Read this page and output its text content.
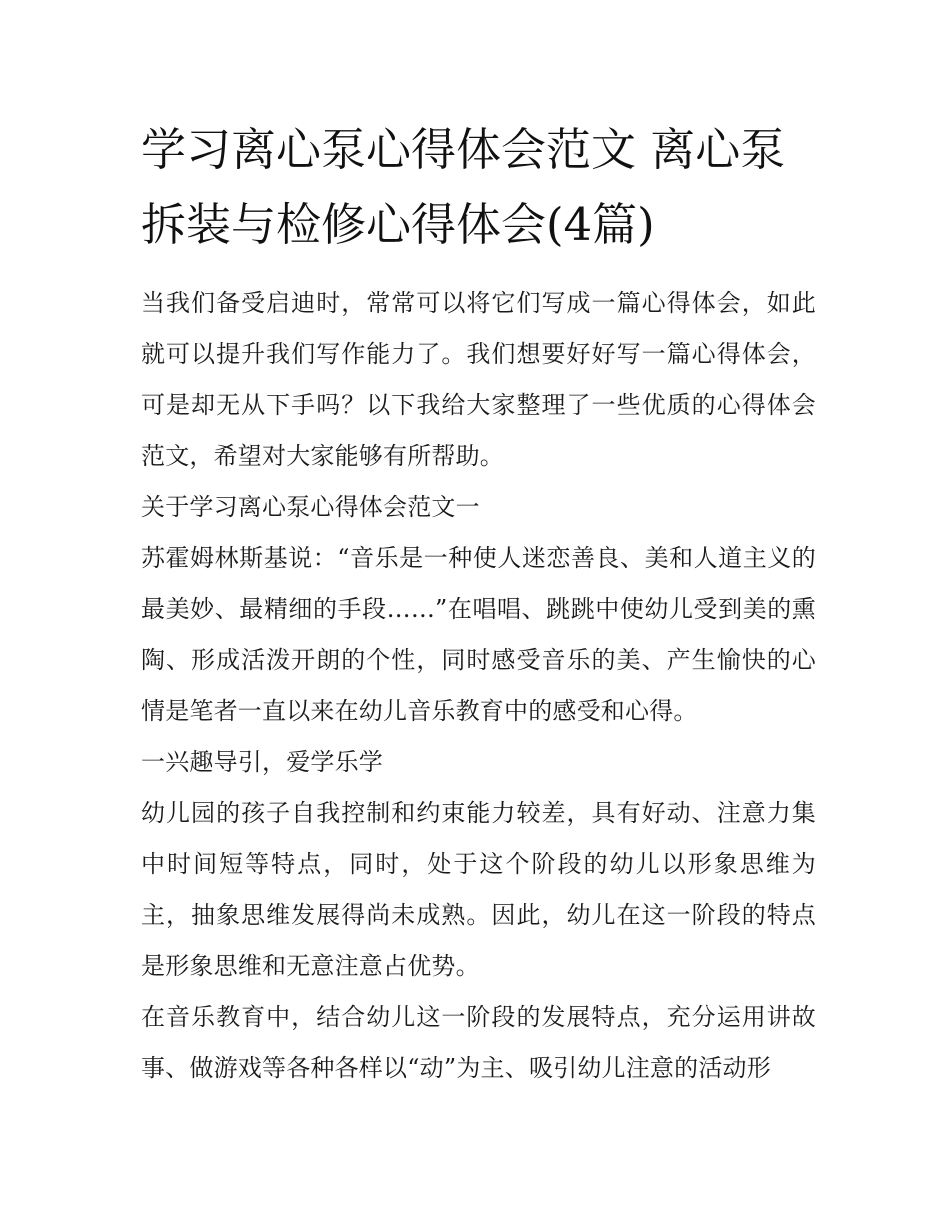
学习离心泵心得体会范文 离心泵拆装与检修心得体会(4篇)

当我们备受启迪时，常常可以将它们写成一篇心得体会，如此就可以提升我们写作能力了。我们想要好好写一篇心得体会，可是却无从下手吗？以下我给大家整理了一些优质的心得体会范文，希望对大家能够有所帮助。

关于学习离心泵心得体会范文一

苏霍姆林斯基说：“音乐是一种使人迷恋善良、美和人道主义的最美妙、最精细的手段……”在唱唱、跳跳中使幼儿受到美的熏陶、形成活泼开朗的个性，同时感受音乐的美、产生愉快的心情是笔者一直以来在幼儿音乐教育中的感受和心得。

一兴趣导引，爱学乐学

幼儿园的孩子自我控制和约束能力较差，具有好动、注意力集中时间短等特点，同时，处于这个阶段的幼儿以形象思维为主，抽象思维发展得尚未成熟。因此，幼儿在这一阶段的特点是形象思维和无意注意占优势。

在音乐教育中，结合幼儿这一阶段的发展特点，充分运用讲故事、做游戏等各种各样以“动”为主、吸引幼儿注意的活动形
